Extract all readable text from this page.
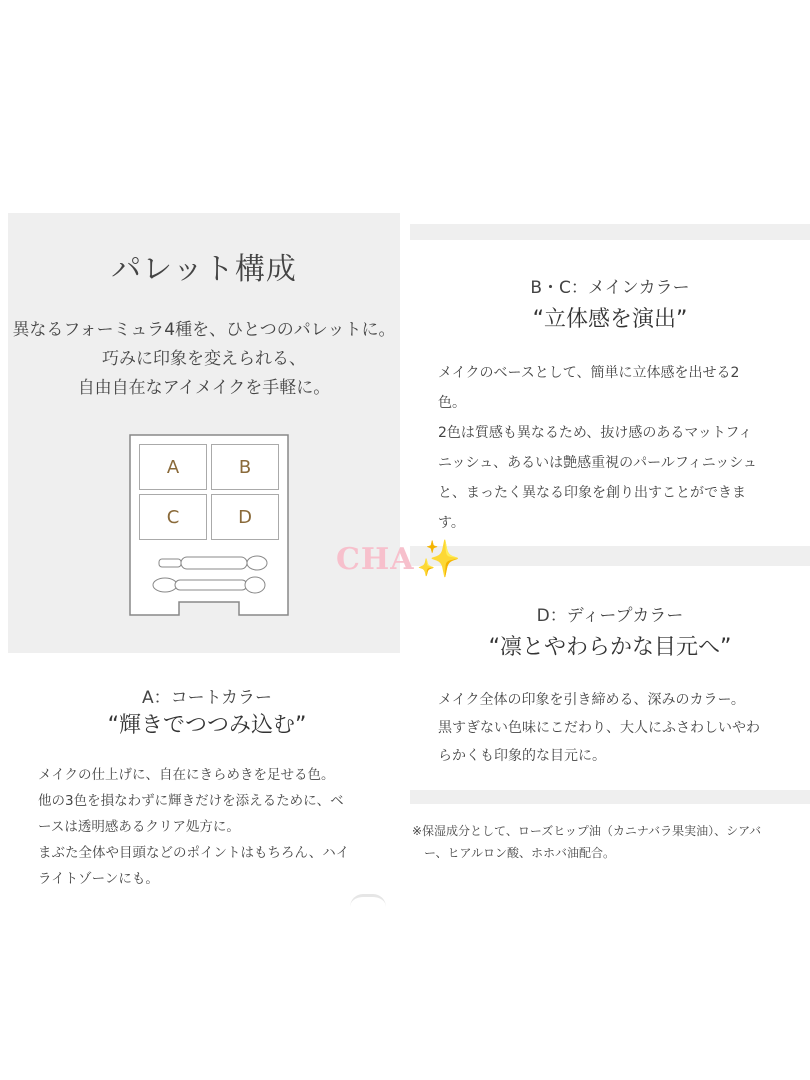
パレット構成
異なるフォーミュラ4種を、ひとつのパレットに。
巧みに印象を変えられる、
自由自在なアイメイクを手軽に。
A	B
C	D
A：コートカラー
“輝きでつつみ込む”
メイクの仕上げに、自在にきらめきを足せる色。
他の3色を損なわずに輝きだけを添えるために、ベ
ースは透明感あるクリア処方に。
まぶた全体や目頭などのポイントはもちろん、ハイ
ライトゾーンにも。
B・C：メインカラー
“立体感を演出”
メイクのベースとして、簡単に立体感を出せる2
色。
2色は質感も異なるため、抜け感のあるマットフィ
ニッシュ、あるいは艶感重視のパールフィニッシュ
と、まったく異なる印象を創り出すことができま
す。
D：ディープカラー
“凛とやわらかな目元へ”
メイク全体の印象を引き締める、深みのカラー。
黒すぎない色味にこだわり、大人にふさわしいやわ
らかくも印象的な目元に。
※保湿成分として、ローズヒップ油（カニナバラ果実油）、シアバ
　ー、ヒアルロン酸、ホホバ油配合。
CHA ✨
